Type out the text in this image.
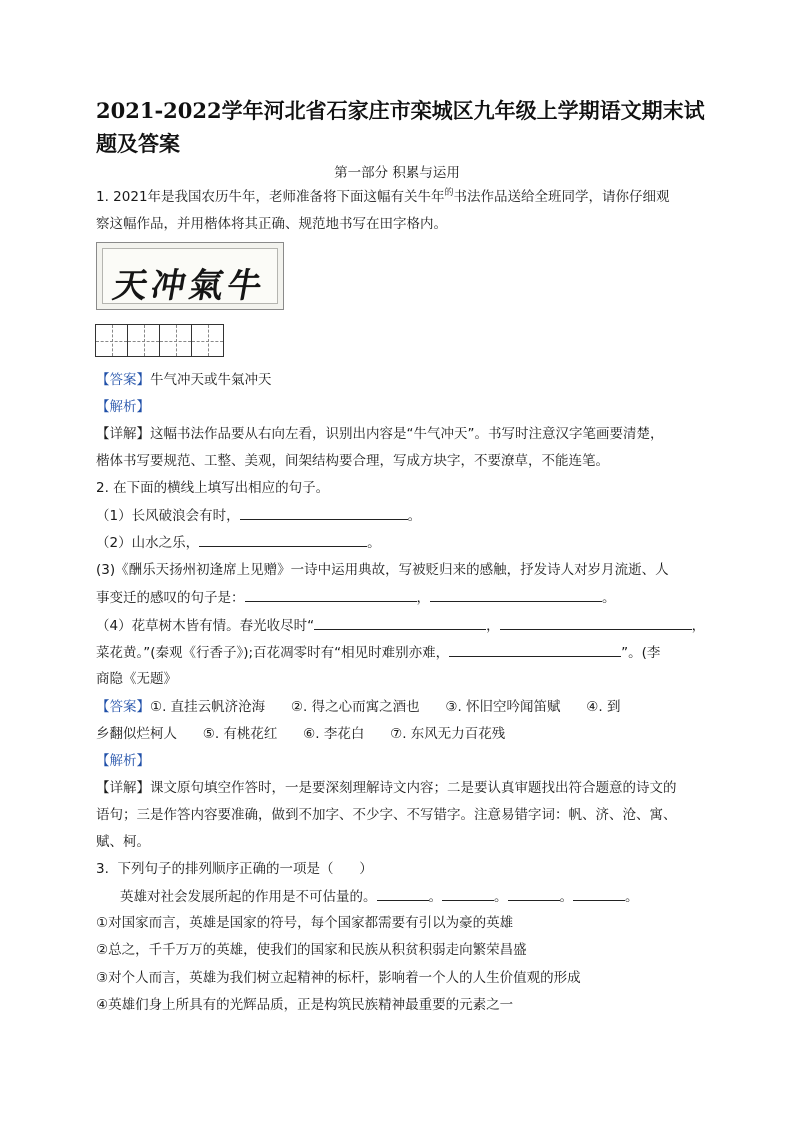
2021-2022学年河北省石家庄市栾城区九年级上学期语文期末试题及答案
第一部分 积累与运用
1. 2021年是我国农历牛年，老师准备将下面这幅有关牛年$^的$书法作品送给全班同学，请你仔细观
察这幅作品，并用楷体将其正确、规范地书写在田字格内。
天冲氣牛
【答案】牛气冲天或牛氣冲天
【解析】
【详解】这幅书法作品要从右向左看，识别出内容是“牛气冲天”。书写时注意汉字笔画要清楚，
楷体书写要规范、工整、美观，间架结构要合理，写成方块字，不要潦草，不能连笔。
2. 在下面的横线上填写出相应的句子。
（1）长风破浪会有时，	。
（2）山水之乐，	。
(3)《酬乐天扬州初逢席上见赠》一诗中运用典故，写被贬归来的感触，抒发诗人对岁月流逝、人
事变迁的感叹的句子是：	，	。
（4）花草树木皆有情。春光收尽时“	，	，
菜花黄。”(秦观《行香子》);百花凋零时有“相见时难别亦难，	”。(李
商隐《无题》
【答案】①. 直挂云帆济沧海      ②. 得之心而寓之酒也      ③. 怀旧空吟闻笛赋      ④. 到
乡翻似烂柯人      ⑤. 有桃花红      ⑥. 李花白      ⑦. 东风无力百花残
【解析】
【详解】课文原句填空作答时，一是要深刻理解诗文内容；二是要认真审题找出符合题意的诗文的
语句；三是作答内容要准确，做到不加字、不少字、不写错字。注意易错字词：帆、济、沧、寓、
赋、柯。
3.  下列句子的排列顺序正确的一项是（      ）
英雄对社会发展所起的作用是不可估量的。	。	。	。	。
①对国家而言，英雄是国家的符号，每个国家都需要有引以为豪的英雄
②总之，千千万万的英雄，使我们的国家和民族从积贫积弱走向繁荣昌盛
③对个人而言，英雄为我们树立起精神的标杆，影响着一个人的人生价值观的形成
④英雄们身上所具有的光辉品质，正是构筑民族精神最重要的元素之一
